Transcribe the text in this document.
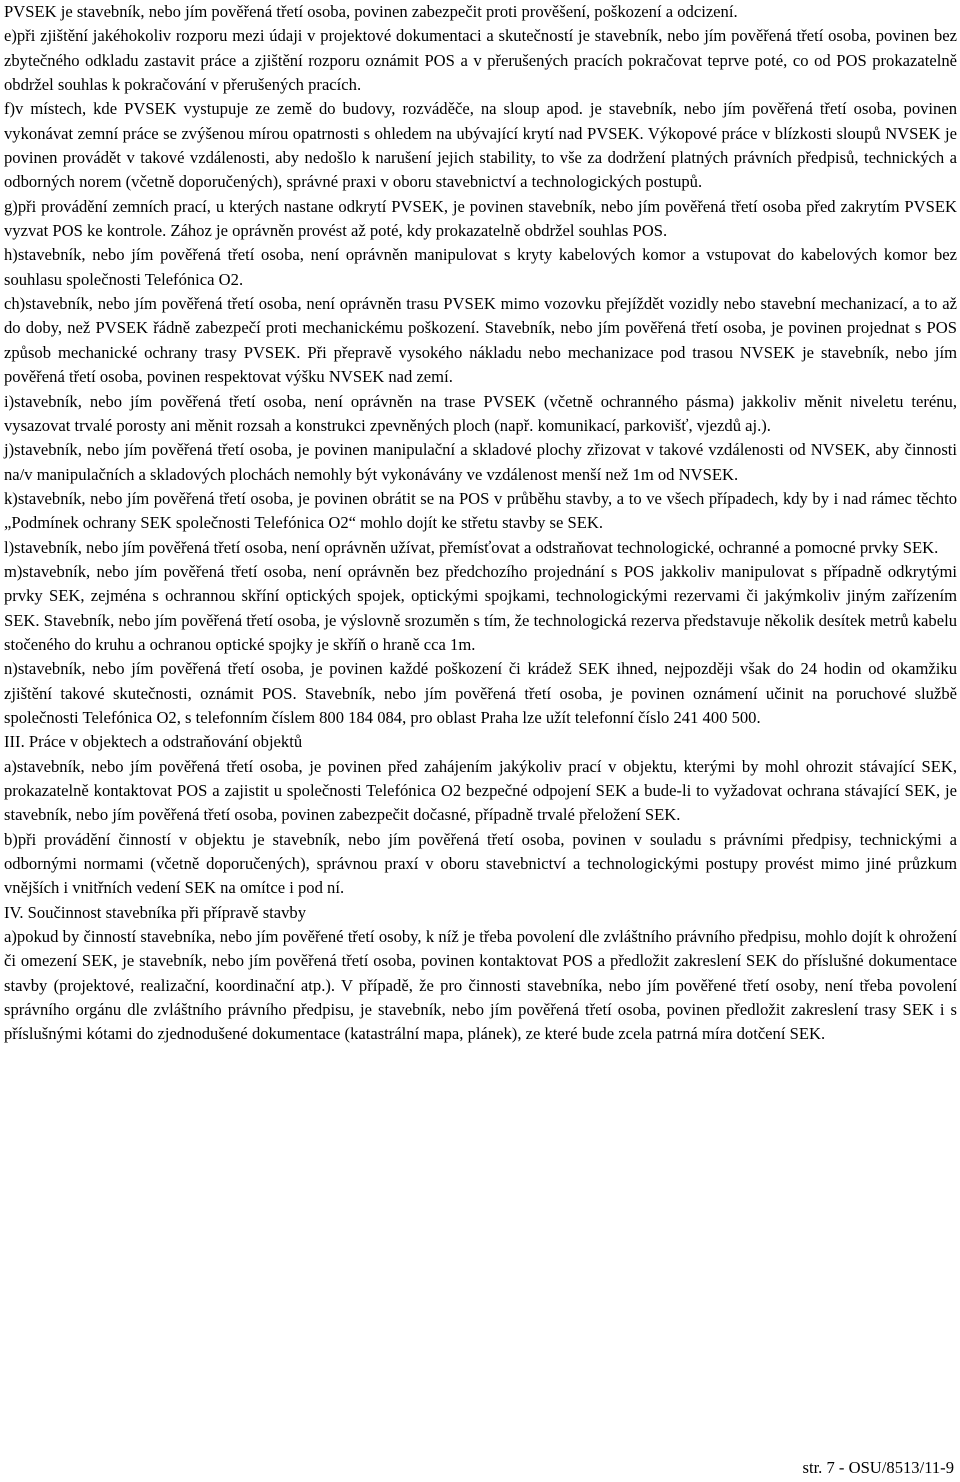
PVSEK je stavebník, nebo jím pověřená třetí osoba, povinen zabezpečit proti prověšení, poškození a odcizení.

e)při zjištění jakéhokoliv rozporu mezi údaji v projektové dokumentaci a skutečností je stavebník, nebo jím pověřená třetí osoba, povinen bez zbytečného odkladu zastavit práce a zjištění rozporu oznámit POS a v přerušených pracích pokračovat teprve poté, co od POS prokazatelně obdržel souhlas k pokračování v přerušených pracích.

f)v místech, kde PVSEK vystupuje ze země do budovy, rozváděče, na sloup apod. je stavebník, nebo jím pověřená třetí osoba, povinen vykonávat zemní práce se zvýšenou mírou opatrnosti s ohledem na ubývající krytí nad PVSEK. Výkopové práce v blízkosti sloupů NVSEK je povinen provádět v takové vzdálenosti, aby nedošlo k narušení jejich stability, to vše za dodržení platných právních předpisů, technických a odborných norem (včetně doporučených), správné praxi v oboru stavebnictví a technologických postupů.

g)při provádění zemních prací, u kterých nastane odkrytí PVSEK, je povinen stavebník, nebo jím pověřená třetí osoba před zakrytím PVSEK vyzvat POS ke kontrole. Zához je oprávněn provést až poté, kdy prokazatelně obdržel souhlas POS.

h)stavebník, nebo jím pověřená třetí osoba, není oprávněn manipulovat s kryty kabelových komor a vstupovat do kabelových komor bez souhlasu společnosti Telefónica O2.

ch)stavebník, nebo jím pověřená třetí osoba, není oprávněn trasu PVSEK mimo vozovku přejíždět vozidly nebo stavební mechanizací, a to až do doby, než PVSEK řádně zabezpečí proti mechanickému poškození. Stavebník, nebo jím pověřená třetí osoba, je povinen projednat s POS způsob mechanické ochrany trasy PVSEK. Při přepravě vysokého nákladu nebo mechanizace pod trasou NVSEK je stavebník, nebo jím pověřená třetí osoba, povinen respektovat výšku NVSEK nad zemí.

i)stavebník, nebo jím pověřená třetí osoba, není oprávněn na trase PVSEK (včetně ochranného pásma) jakkoliv měnit niveletu terénu, vysazovat trvalé porosty ani měnit rozsah a konstrukci zpevněných ploch (např. komunikací, parkovišť, vjezdů aj.).

j)stavebník, nebo jím pověřená třetí osoba, je povinen manipulační a skladové plochy zřizovat v takové vzdálenosti od NVSEK, aby činnosti na/v manipulačních a skladových plochách nemohly být vykonávány ve vzdálenost menší než 1m od NVSEK.

k)stavebník, nebo jím pověřená třetí osoba, je povinen obrátit se na POS v průběhu stavby, a to ve všech případech, kdy by i nad rámec těchto „Podmínek ochrany SEK společnosti Telefónica O2“ mohlo dojít ke střetu stavby se SEK.

l)stavebník, nebo jím pověřená třetí osoba, není oprávněn užívat, přemísťovat a odstraňovat technologické, ochranné a pomocné prvky SEK.

m)stavebník, nebo jím pověřená třetí osoba, není oprávněn bez předchozího projednání s POS jakkoliv manipulovat s případně odkrytými prvky SEK, zejména s ochrannou skříní optických spojek, optickými spojkami, technologickými rezervami či jakýmkoliv jiným zařízením SEK. Stavebník, nebo jím pověřená třetí osoba, je výslovně srozuměn s tím, že technologická rezerva představuje několik desítek metrů kabelu stočeného do kruhu a ochranou optické spojky je skříň o hraně cca 1m.

n)stavebník, nebo jím pověřená třetí osoba, je povinen každé poškození či krádež SEK ihned, nejpozději však do 24 hodin od okamžiku zjištění takové skutečnosti, oznámit POS. Stavebník, nebo jím pověřená třetí osoba, je povinen oznámení učinit na poruchové službě společnosti Telefónica O2, s telefonním číslem 800 184 084, pro oblast Praha lze užít telefonní číslo 241 400 500.

III. Práce v objektech a odstraňování objektů

a)stavebník, nebo jím pověřená třetí osoba, je povinen před zahájením jakýkoliv prací v objektu, kterými by mohl ohrozit stávající SEK, prokazatelně kontaktovat POS a zajistit u společnosti Telefónica O2 bezpečné odpojení SEK a bude-li to vyžadovat ochrana stávající SEK, je stavebník, nebo jím pověřená třetí osoba, povinen zabezpečit dočasné, případně trvalé přeložení SEK.

b)při provádění činností v objektu je stavebník, nebo jím pověřená třetí osoba, povinen v souladu s právními předpisy, technickými a odbornými normami (včetně doporučených), správnou praxí v oboru stavebnictví a technologickými postupy provést mimo jiné průzkum vnějších i vnitřních vedení SEK na omítce i pod ní.

IV. Součinnost stavebníka při přípravě stavby

a)pokud by činností stavebníka, nebo jím pověřené třetí osoby, k níž je třeba povolení dle zvláštního právního předpisu, mohlo dojít k ohrožení či omezení SEK, je stavebník, nebo jím pověřená třetí osoba, povinen kontaktovat POS a předložit zakreslení SEK do příslušné dokumentace stavby (projektové, realizační, koordinační atp.). V případě, že pro činnosti stavebníka, nebo jím pověřené třetí osoby, není třeba povolení správního orgánu dle zvláštního právního předpisu, je stavebník, nebo jím pověřená třetí osoba, povinen předložit zakreslení trasy SEK i s příslušnými kótami do zjednodušené dokumentace (katastrální mapa, plánek), ze které bude zcela patrná míra dotčení SEK.

str. 7 - OSU/8513/11-9
